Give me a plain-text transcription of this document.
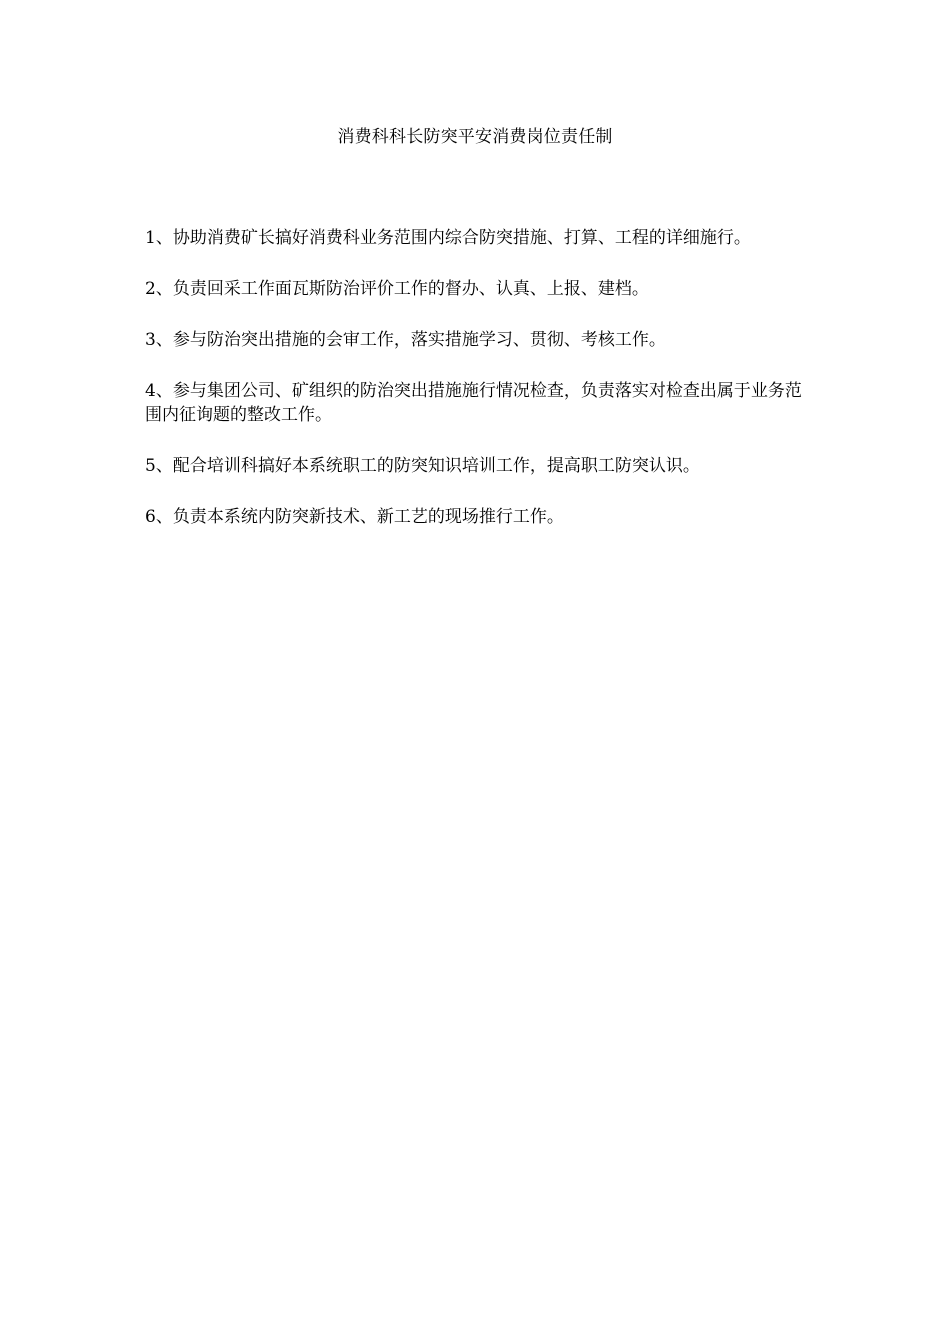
消费科科长防突平安消费岗位责任制

1、协助消费矿长搞好消费科业务范围内综合防突措施、打算、工程的详细施行。

2、负责回采工作面瓦斯防治评价工作的督办、认真、上报、建档。

3、参与防治突出措施的会审工作，落实措施学习、贯彻、考核工作。

4、参与集团公司、矿组织的防治突出措施施行情况检查，负责落实对检查出属于业务范围内征询题的整改工作。

5、配合培训科搞好本系统职工的防突知识培训工作，提高职工防突认识。

6、负责本系统内防突新技术、新工艺的现场推行工作。
